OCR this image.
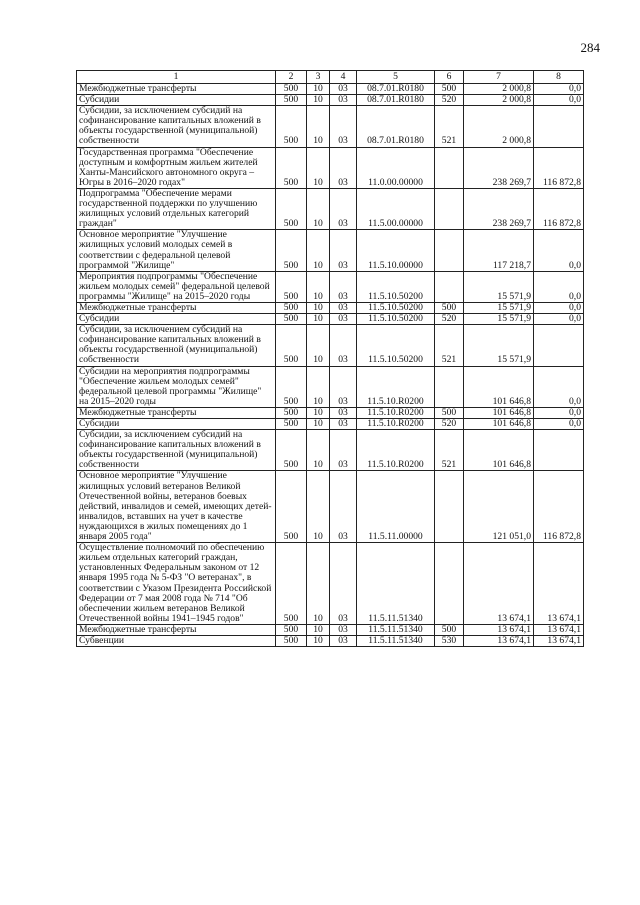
284
1	2	3	4	5	6	7	8
Межбюджетные трансферты	500	10	03	08.7.01.R0180	500	2 000,8	0,0
Субсидии	500	10	03	08.7.01.R0180	520	2 000,8	0,0
Субсидии, за исключением субсидий на софинансирование капитальных вложений в объекты государственной (муниципальной) собственности	500	10	03	08.7.01.R0180	521	2 000,8	
Государственная программа "Обеспечение доступным и комфортным жильем жителей Ханты-Мансийского автономного округа – Югры в 2016–2020 годах"	500	10	03	11.0.00.00000		238 269,7	116 872,8
Подпрограмма "Обеспечение мерами государственной поддержки по улучшению жилищных условий отдельных категорий граждан"	500	10	03	11.5.00.00000		238 269,7	116 872,8
Основное мероприятие "Улучшение жилищных условий молодых семей в соответствии с федеральной целевой программой "Жилище"	500	10	03	11.5.10.00000		117 218,7	0,0
Мероприятия подпрограммы "Обеспечение жильем молодых семей" федеральной целевой программы "Жилище" на 2015–2020 годы	500	10	03	11.5.10.50200		15 571,9	0,0
Межбюджетные трансферты	500	10	03	11.5.10.50200	500	15 571,9	0,0
Субсидии	500	10	03	11.5.10.50200	520	15 571,9	0,0
Субсидии, за исключением субсидий на софинансирование капитальных вложений в объекты государственной (муниципальной) собственности	500	10	03	11.5.10.50200	521	15 571,9	
Субсидии на мероприятия подпрограммы "Обеспечение жильем молодых семей" федеральной целевой программы "Жилище" на 2015–2020 годы	500	10	03	11.5.10.R0200		101 646,8	0,0
Межбюджетные трансферты	500	10	03	11.5.10.R0200	500	101 646,8	0,0
Субсидии	500	10	03	11.5.10.R0200	520	101 646,8	0,0
Субсидии, за исключением субсидий на софинансирование капитальных вложений в объекты государственной (муниципальной) собственности	500	10	03	11.5.10.R0200	521	101 646,8	
Основное мероприятие "Улучшение жилищных условий ветеранов Великой Отечественной войны, ветеранов боевых действий, инвалидов и семей, имеющих детей-инвалидов, вставших на учет в качестве нуждающихся в жилых помещениях до 1 января 2005 года"	500	10	03	11.5.11.00000		121 051,0	116 872,8
Осуществление полномочий по обеспечению жильем отдельных категорий граждан, установленных Федеральным законом от 12 января 1995 года № 5-ФЗ "О ветеранах", в соответствии с Указом Президента Российской Федерации от 7 мая 2008 года № 714 "Об обеспечении жильем ветеранов Великой Отечественной войны 1941–1945 годов"	500	10	03	11.5.11.51340		13 674,1	13 674,1
Межбюджетные трансферты	500	10	03	11.5.11.51340	500	13 674,1	13 674,1
Субвенции	500	10	03	11.5.11.51340	530	13 674,1	13 674,1
